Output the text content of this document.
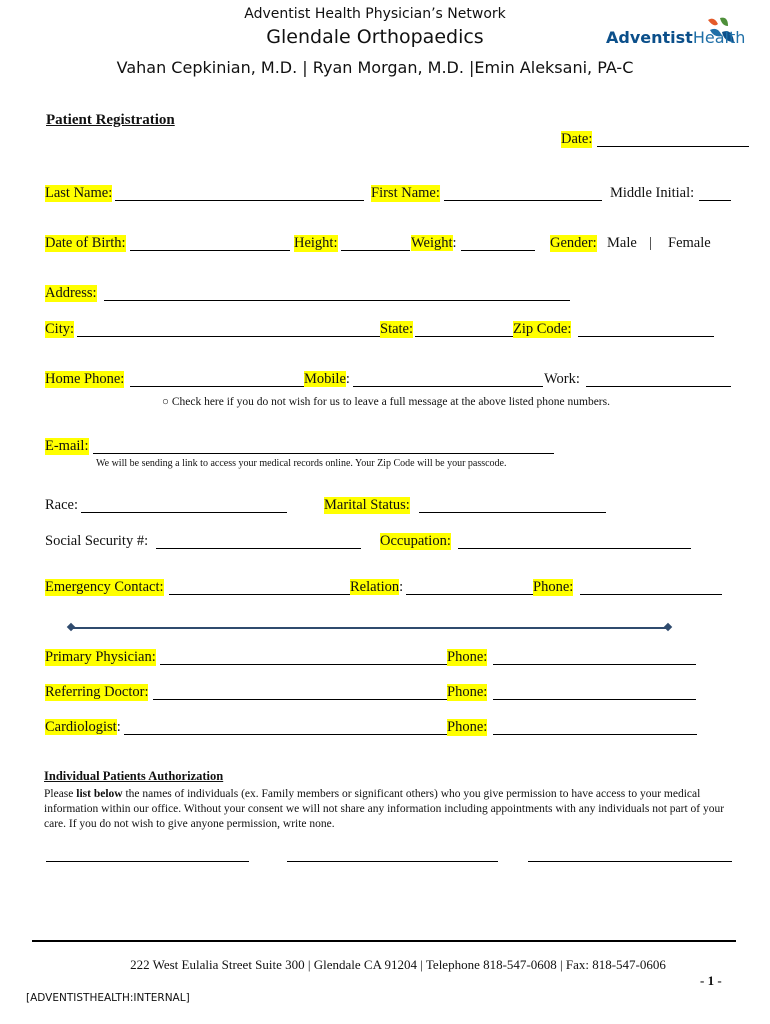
Adventist Health Physician’s Network
Glendale Orthopaedics
Vahan Cepkinian, M.D. | Ryan Morgan, M.D. |Emin Aleksani, PA-C
AdventistHealth
Patient Registration
Date:
Last Name:	First Name:	Middle Initial:
Date of Birth:	Height:	Weight:	Gender: Male | Female
Address:
City:	State:	Zip Code:
Home Phone:	Mobile:	Work:
○ Check here if you do not wish for us to leave a full message at the above listed phone numbers.
E-mail:
We will be sending a link to access your medical records online. Your Zip Code will be your passcode.
Race:	Marital Status:
Social Security #:	Occupation:
Emergency Contact:	Relation:	Phone:
Primary Physician:	Phone:
Referring Doctor:	Phone:
Cardiologist:	Phone:
Individual Patients Authorization
Please list below the names of individuals (ex. Family members or significant others) who you give permission to have access to your medical information within our office. Without your consent we will not share any information including appointments with any individuals not part of your care. If you do not wish to give anyone permission, write none.
222 West Eulalia Street Suite 300 | Glendale CA 91204 | Telephone 818-547-0608 | Fax: 818-547-0606
- 1 -
[ADVENTISTHEALTH:INTERNAL]
